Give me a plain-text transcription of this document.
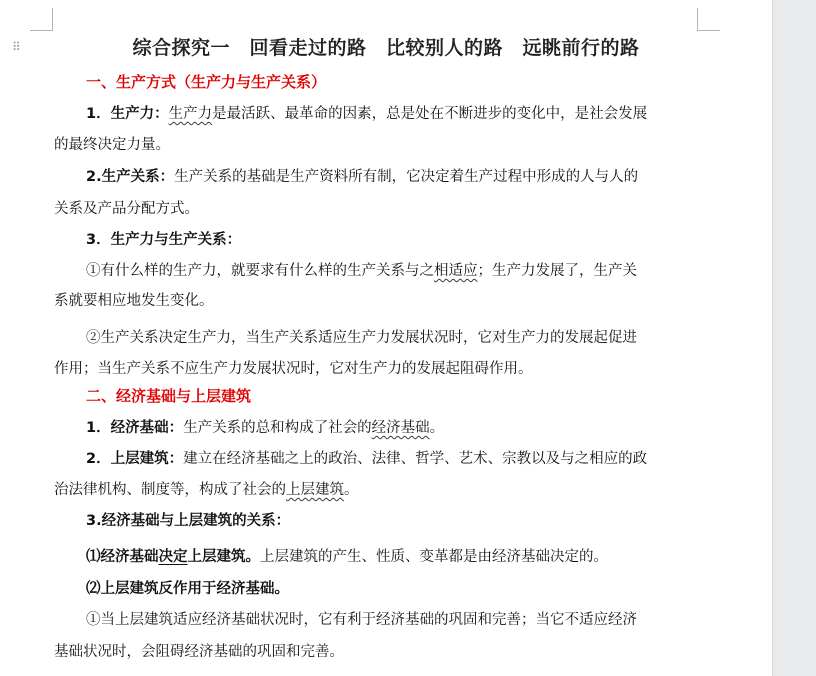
⠿	综合探究一　回看走过的路　比较别人的路　远眺前行的路
一、生产方式（生产力与生产关系）
1．生产力：生产力是最活跃、最革命的因素，总是处在不断进步的变化中，是社会发展
的最终决定力量。
2.生产关系：生产关系的基础是生产资料所有制，它决定着生产过程中形成的人与人的
关系及产品分配方式。
3．生产力与生产关系：
①有什么样的生产力，就要求有什么样的生产关系与之相适应；生产力发展了，生产关
系就要相应地发生变化。
②生产关系决定生产力，当生产关系适应生产力发展状况时，它对生产力的发展起促进
作用；当生产关系不应生产力发展状况时，它对生产力的发展起阻碍作用。
二、经济基础与上层建筑
1．经济基础：生产关系的总和构成了社会的经济基础。
2．上层建筑：建立在经济基础之上的政治、法律、哲学、艺术、宗教以及与之相应的政
治法律机构、制度等，构成了社会的上层建筑。
3.经济基础与上层建筑的关系：
⑴经济基础决定上层建筑。上层建筑的产生、性质、变革都是由经济基础决定的。
⑵上层建筑反作用于经济基础。
①当上层建筑适应经济基础状况时，它有利于经济基础的巩固和完善；当它不适应经济
基础状况时，会阻碍经济基础的巩固和完善。
